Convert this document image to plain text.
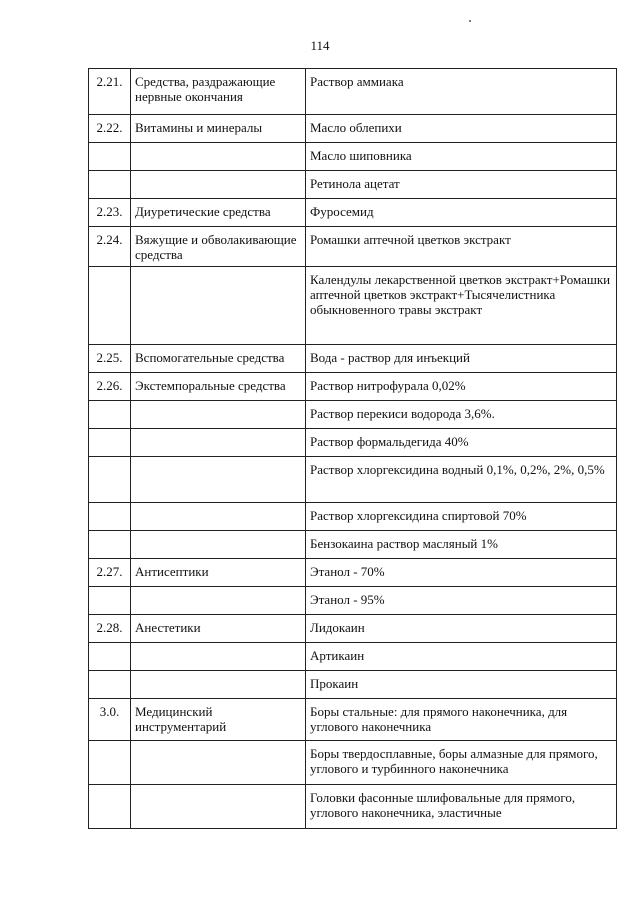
114
2.21.	Средства, раздражающие нервные окончания	Раствор аммиака
2.22.	Витамины и минералы	Масло облепихи
		Масло шиповника
		Ретинола ацетат
2.23.	Диуретические средства	Фуросемид
2.24.	Вяжущие и обволакивающие средства	Ромашки аптечной цветков экстракт
		Календулы лекарственной цветков экстракт+Ромашки аптечной цветков экстракт+Тысячелистника обыкновенного травы экстракт
2.25.	Вспомогательные средства	Вода - раствор для инъекций
2.26.	Экстемпоральные средства	Раствор нитрофурала 0,02%
		Раствор перекиси водорода 3,6%.
		Раствор формальдегида 40%
		Раствор хлоргексидина водный 0,1%, 0,2%, 2%, 0,5%
		Раствор хлоргексидина спиртовой 70%
		Бензокаина раствор масляный 1%
2.27.	Антисептики	Этанол - 70%
		Этанол - 95%
2.28.	Анестетики	Лидокаин
		Артикаин
		Прокаин
3.0.	Медицинский инструментарий	Боры стальные: для прямого наконечника, для углового наконечника
		Боры твердосплавные, боры алмазные для прямого, углового и турбинного наконечника
		Головки фасонные шлифовальные для прямого, углового наконечника, эластичные
